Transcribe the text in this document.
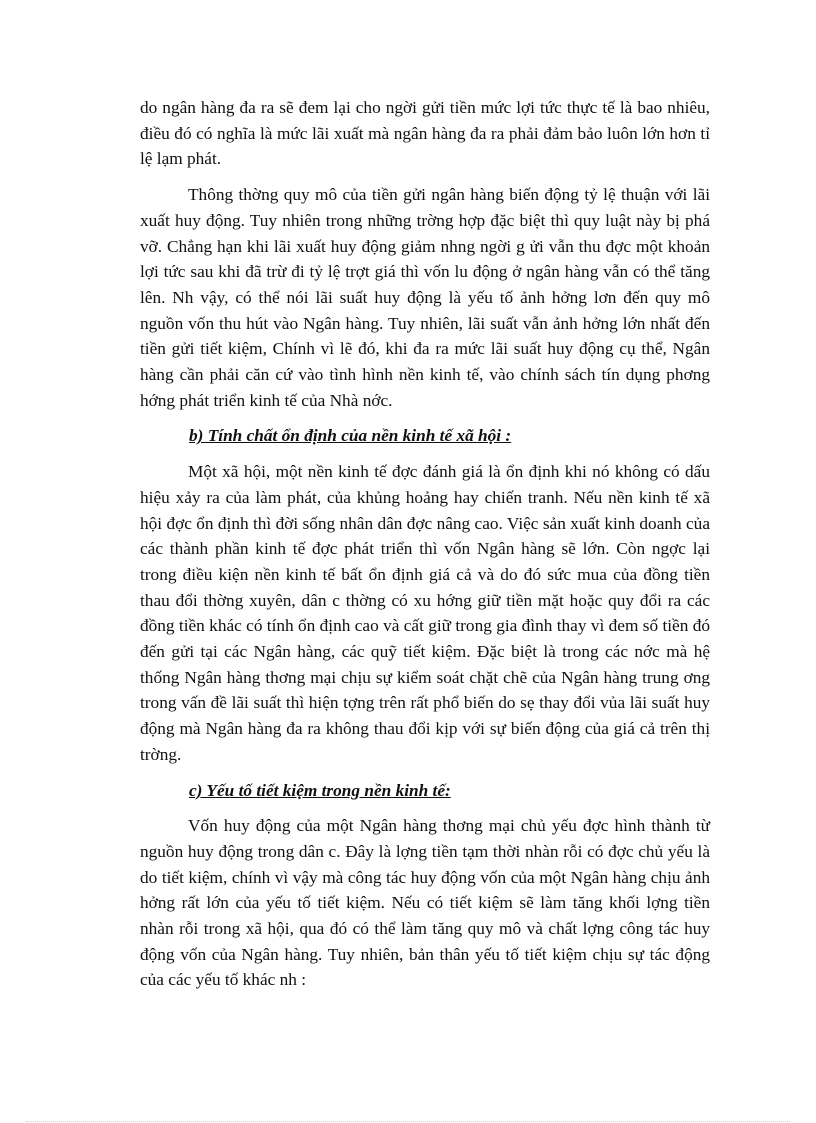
do ngân hàng đa ra sẽ đem lại cho ngời gửi tiền mức lợi tức thực tế là bao nhiêu, điều đó có nghĩa là mức lãi xuất mà ngân hàng đa ra phải đảm bảo luôn lớn hơn tỉ lệ lạm phát.

Thông thờng quy mô của tiền gửi ngân hàng biến động tỷ lệ thuận với lãi xuất huy động. Tuy nhiên trong những trờng hợp đặc biệt thì quy luật này bị phá vỡ. Chẳng hạn khi lãi xuất huy động giảm nhng ngời g ửi vẫn thu đợc một khoản lợi tức sau khi đã trừ đi tỷ lệ trợt giá thì vốn lu động ở ngân hàng vẫn có thể tăng lên. Nh vậy, có thể nói lãi suất huy động là yếu tố ảnh hởng lơn đến quy mô nguồn vốn thu hút vào Ngân hàng. Tuy nhiên, lãi suất vẫn ảnh hởng lớn nhất đến tiền gửi tiết kiệm, Chính vì lẽ đó, khi đa ra mức lãi suất huy động cụ thể, Ngân hàng cần phải căn cứ vào tình hình nền kinh tế, vào chính sách tín dụng phơng hớng phát triển kinh tế của Nhà nớc.

b) Tính chất ổn định của nền kinh tế xã hội :

Một xã hội, một nền kinh tế đợc đánh giá là ổn định khi nó không có dấu hiệu xảy ra của làm phát, của khủng hoảng hay chiến tranh. Nếu nền kinh tế xã hội đợc ổn định thì đời sống nhân dân đợc nâng cao. Việc sản xuất kinh doanh của các thành phần kinh tế đợc phát triển thì vốn Ngân hàng sẽ lớn. Còn ngợc lại trong điều kiện nền kinh tế bất ổn định giá cả và do đó sức mua của đồng tiền thau đổi thờng xuyên, dân c thờng có xu hớng giữ tiền mặt hoặc quy đổi ra các đồng tiền khác có tính ổn định cao và cất giữ trong gia đình thay vì đem số tiền đó đến gửi tại các Ngân hàng, các quỹ tiết kiệm. Đặc biệt là trong các nớc mà hệ thống Ngân hàng thơng mại chịu sự kiểm soát chặt chẽ của Ngân hàng trung ơng trong vấn đề lãi suất thì hiện tợng trên rất phổ biến do sẹ thay đổi vủa lãi suất huy động mà Ngân hàng đa ra không thau đổi kịp với sự biến động của giá cả trên thị trờng.

c) Yếu tố tiết kiệm trong nền kinh tế:

Vốn huy động của một Ngân hàng thơng mại chủ yếu đợc hình thành từ nguồn huy động trong dân c. Đây là lợng tiền tạm thời nhàn rỗi có đợc chủ yếu là do tiết kiệm, chính vì vậy mà công tác huy động vốn của một Ngân hàng chịu ảnh hởng rất lớn của yếu tố tiết kiệm. Nếu có tiết kiệm sẽ làm tăng khối lợng tiền nhàn rỗi trong xã hội, qua đó có thể làm tăng quy mô và chất lợng công tác huy động vốn của Ngân hàng. Tuy nhiên, bản thân yếu tố tiết kiệm chịu sự tác động của các yếu tố khác nh :
